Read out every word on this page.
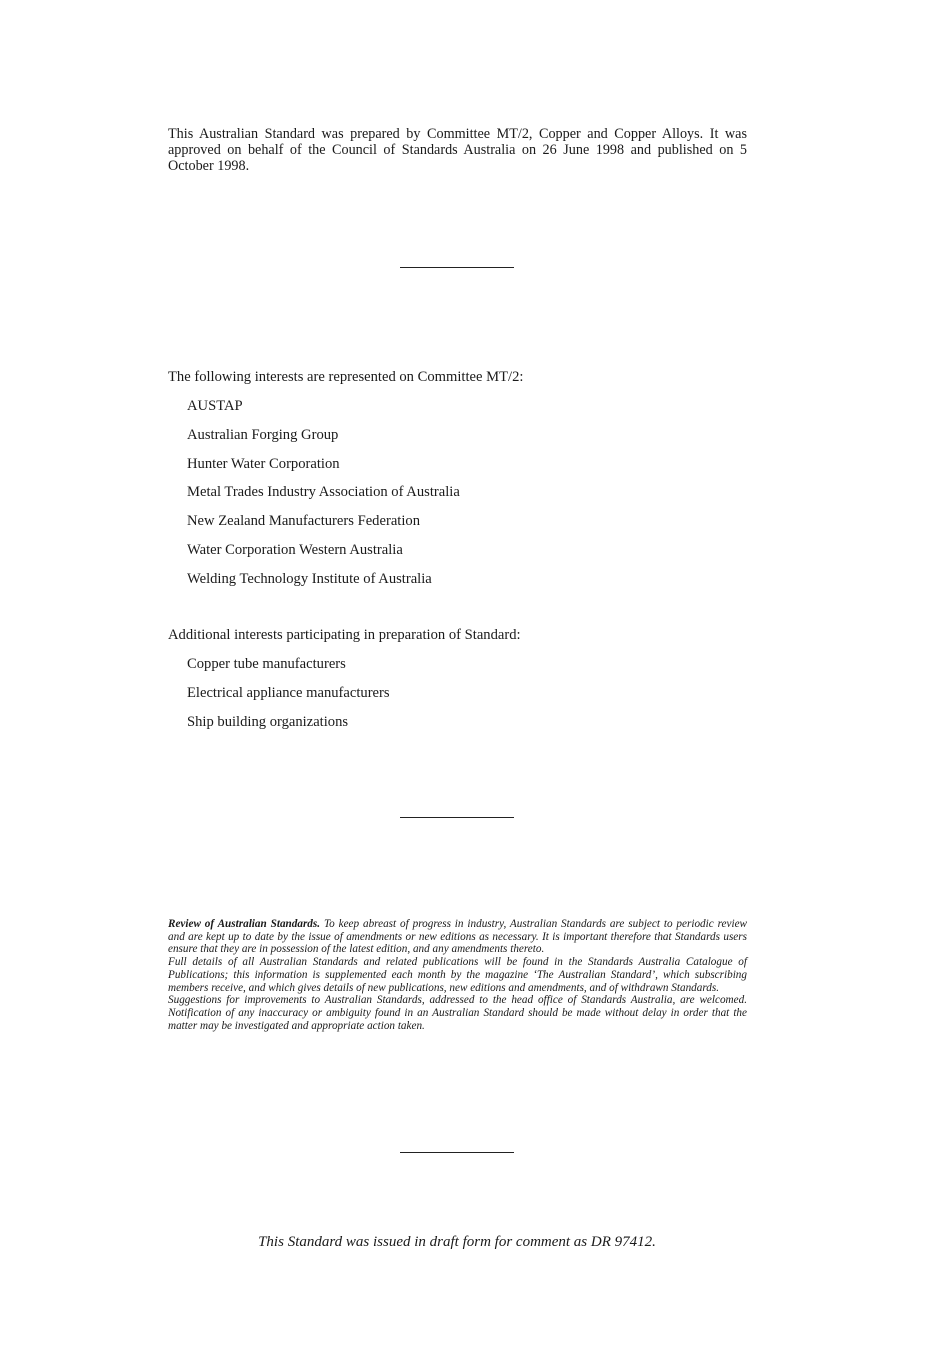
This Australian Standard was prepared by Committee MT/2, Copper and Copper Alloys. It was approved on behalf of the Council of Standards Australia on 26 June 1998 and published on 5 October 1998.

The following interests are represented on Committee MT/2:

AUSTAP
Australian Forging Group
Hunter Water Corporation
Metal Trades Industry Association of Australia
New Zealand Manufacturers Federation
Water Corporation Western Australia
Welding Technology Institute of Australia

Additional interests participating in preparation of Standard:

Copper tube manufacturers
Electrical appliance manufacturers
Ship building organizations

Review of Australian Standards. To keep abreast of progress in industry, Australian Standards are subject to periodic review and are kept up to date by the issue of amendments or new editions as necessary. It is important therefore that Standards users ensure that they are in possession of the latest edition, and any amendments thereto.

Full details of all Australian Standards and related publications will be found in the Standards Australia Catalogue of Publications; this information is supplemented each month by the magazine ‘The Australian Standard’, which subscribing members receive, and which gives details of new publications, new editions and amendments, and of withdrawn Standards.

Suggestions for improvements to Australian Standards, addressed to the head office of Standards Australia, are welcomed. Notification of any inaccuracy or ambiguity found in an Australian Standard should be made without delay in order that the matter may be investigated and appropriate action taken.

This Standard was issued in draft form for comment as DR 97412.
